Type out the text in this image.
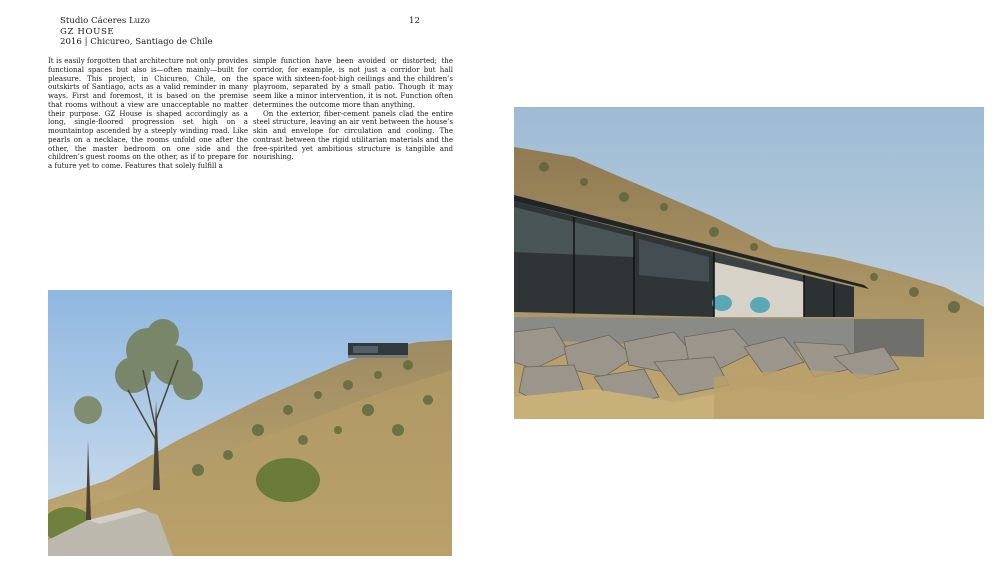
Studio Cáceres Luzo
GZ HOUSE
2016 | Chicureo, Santiago de Chile
12

It is easily forgotten that architecture not only provides functional spaces but also is—often mainly—built for pleasure. This project, in Chicureo, Chile, on the outskirts of Santiago, acts as a valid reminder in many ways. First and foremost, it is based on the premise that rooms without a view are unacceptable no matter their purpose. GZ House is shaped accordingly as a long, single-floored progression set high on a mountaintop ascended by a steeply winding road. Like pearls on a necklace, the rooms unfold one after the other, the master bedroom on one side and the children’s guest rooms on the other, as if to prepare for a future yet to come. Features that solely fulfill a

simple function have been avoided or distorted; the corridor, for example, is not just a corridor but hall space with sixteen-foot-high ceilings and the children’s playroom, separated by a small patio. Though it may seem like a minor intervention, it is not. Function often determines the outcome more than anything.

On the exterior, fiber-cement panels clad the entire steel structure, leaving an air vent between the house’s skin and envelope for circulation and cooling. The contrast between the rigid utilitarian materials and the free-spirited yet ambitious structure is tangible and nourishing.
